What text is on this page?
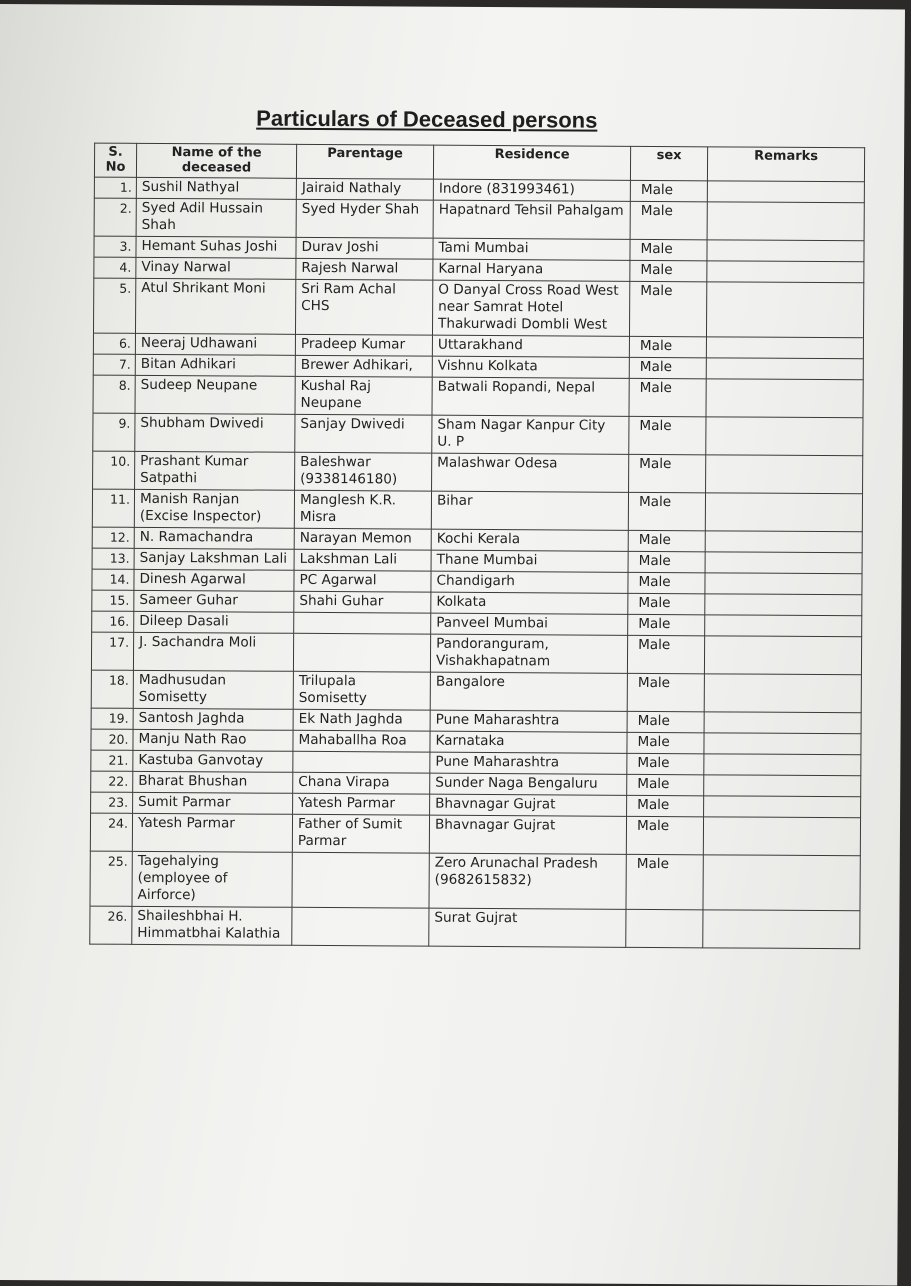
Particulars of Deceased persons
S. No	Name of the deceased	Parentage	Residence	sex	Remarks
1.	Sushil Nathyal	Jairaid Nathaly	Indore (831993461)	Male	
2.	Syed Adil Hussain Shah	Syed Hyder Shah	Hapatnard Tehsil Pahalgam	Male	
3.	Hemant Suhas Joshi	Durav Joshi	Tami Mumbai	Male	
4.	Vinay Narwal	Rajesh Narwal	Karnal Haryana	Male	
5.	Atul Shrikant Moni	Sri Ram Achal CHS	O Danyal Cross Road West near Samrat Hotel Thakurwadi Dombli West	Male	
6.	Neeraj Udhawani	Pradeep Kumar	Uttarakhand	Male	
7.	Bitan Adhikari	Brewer Adhikari,	Vishnu Kolkata	Male	
8.	Sudeep Neupane	Kushal Raj Neupane	Batwali Ropandi, Nepal	Male	
9.	Shubham Dwivedi	Sanjay Dwivedi	Sham Nagar Kanpur City U. P	Male	
10.	Prashant Kumar Satpathi	Baleshwar (9338146180)	Malashwar Odesa	Male	
11.	Manish Ranjan (Excise Inspector)	Manglesh K.R. Misra	Bihar	Male	
12.	N. Ramachandra	Narayan Memon	Kochi Kerala	Male	
13.	Sanjay Lakshman Lali	Lakshman Lali	Thane Mumbai	Male	
14.	Dinesh Agarwal	PC Agarwal	Chandigarh	Male	
15.	Sameer Guhar	Shahi Guhar	Kolkata	Male	
16.	Dileep Dasali		Panveel Mumbai	Male	
17.	J. Sachandra Moli		Pandoranguram, Vishakhapatnam	Male	
18.	Madhusudan Somisetty	Trilupala Somisetty	Bangalore	Male	
19.	Santosh Jaghda	Ek Nath Jaghda	Pune Maharashtra	Male	
20.	Manju Nath Rao	Mahaballha Roa	Karnataka	Male	
21.	Kastuba Ganvotay		Pune Maharashtra	Male	
22.	Bharat Bhushan	Chana Virapa	Sunder Naga Bengaluru	Male	
23.	Sumit Parmar	Yatesh Parmar	Bhavnagar Gujrat	Male	
24.	Yatesh Parmar	Father of Sumit Parmar	Bhavnagar Gujrat	Male	
25.	Tagehalying (employee of Airforce)		Zero Arunachal Pradesh (9682615832)	Male	
26.	Shaileshbhai H. Himmatbhai Kalathia		Surat Gujrat		
